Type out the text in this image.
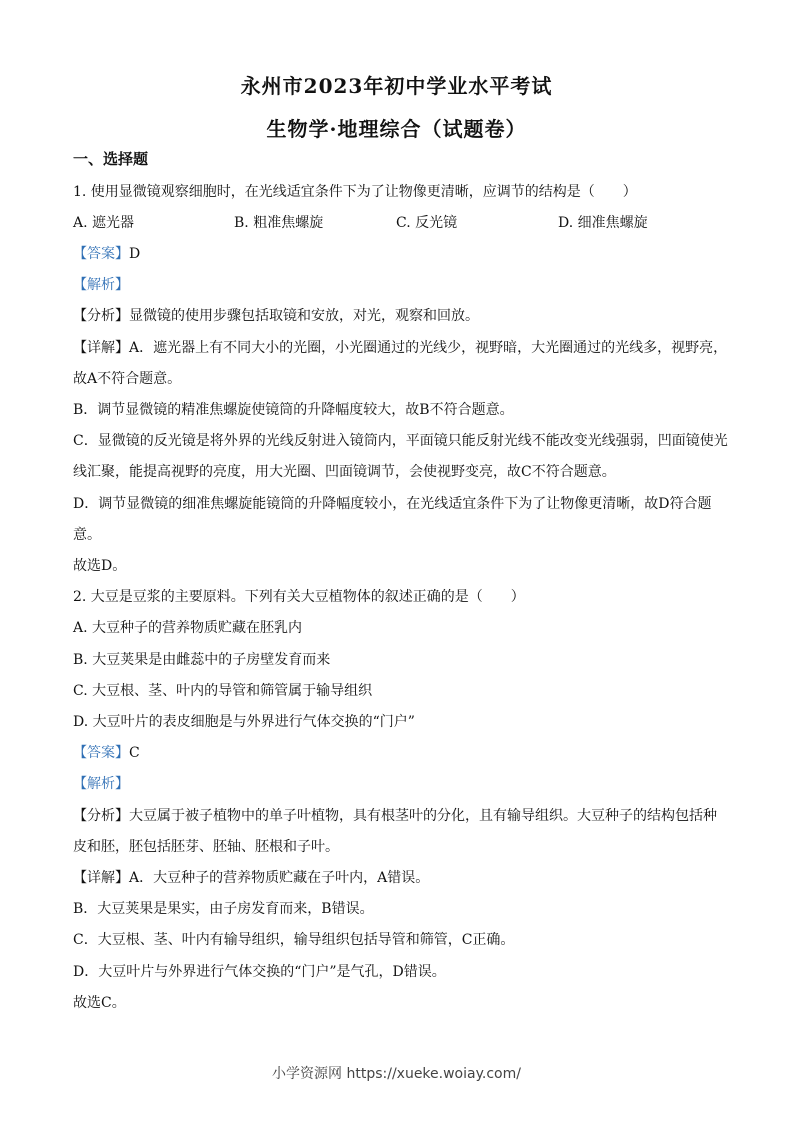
永州市2023年初中学业水平考试
生物学·地理综合（试题卷）
一、选择题
1. 使用显微镜观察细胞时，在光线适宜条件下为了让物像更清晰，应调节的结构是（　　）
A. 遮光器	B. 粗准焦螺旋	C. 反光镜	D. 细准焦螺旋
【答案】D
【解析】
【分析】显微镜的使用步骤包括取镜和安放，对光，观察和回放。
【详解】A．遮光器上有不同大小的光圈，小光圈通过的光线少，视野暗，大光圈通过的光线多，视野亮，
故A不符合题意。
B．调节显微镜的精准焦螺旋使镜筒的升降幅度较大，故B不符合题意。
C．显微镜的反光镜是将外界的光线反射进入镜筒内，平面镜只能反射光线不能改变光线强弱，凹面镜使光
线汇聚，能提高视野的亮度，用大光圈、凹面镜调节，会使视野变亮，故C不符合题意。
D．调节显微镜的细准焦螺旋能镜筒的升降幅度较小，在光线适宜条件下为了让物像更清晰，故D符合题
意。
故选D。
2. 大豆是豆浆的主要原料。下列有关大豆植物体的叙述正确的是（　　）
A. 大豆种子的营养物质贮藏在胚乳内
B. 大豆荚果是由雌蕊中的子房壁发育而来
C. 大豆根、茎、叶内的导管和筛管属于输导组织
D. 大豆叶片的表皮细胞是与外界进行气体交换的“门户”
【答案】C
【解析】
【分析】大豆属于被子植物中的单子叶植物，具有根茎叶的分化，且有输导组织。大豆种子的结构包括种
皮和胚，胚包括胚芽、胚轴、胚根和子叶。
【详解】A．大豆种子的营养物质贮藏在子叶内，A错误。
B．大豆荚果是果实，由子房发育而来，B错误。
C．大豆根、茎、叶内有输导组织，输导组织包括导管和筛管，C正确。
D．大豆叶片与外界进行气体交换的“门户”是气孔，D错误。
故选C。
小学资源网 https://xueke.woiay.com/
